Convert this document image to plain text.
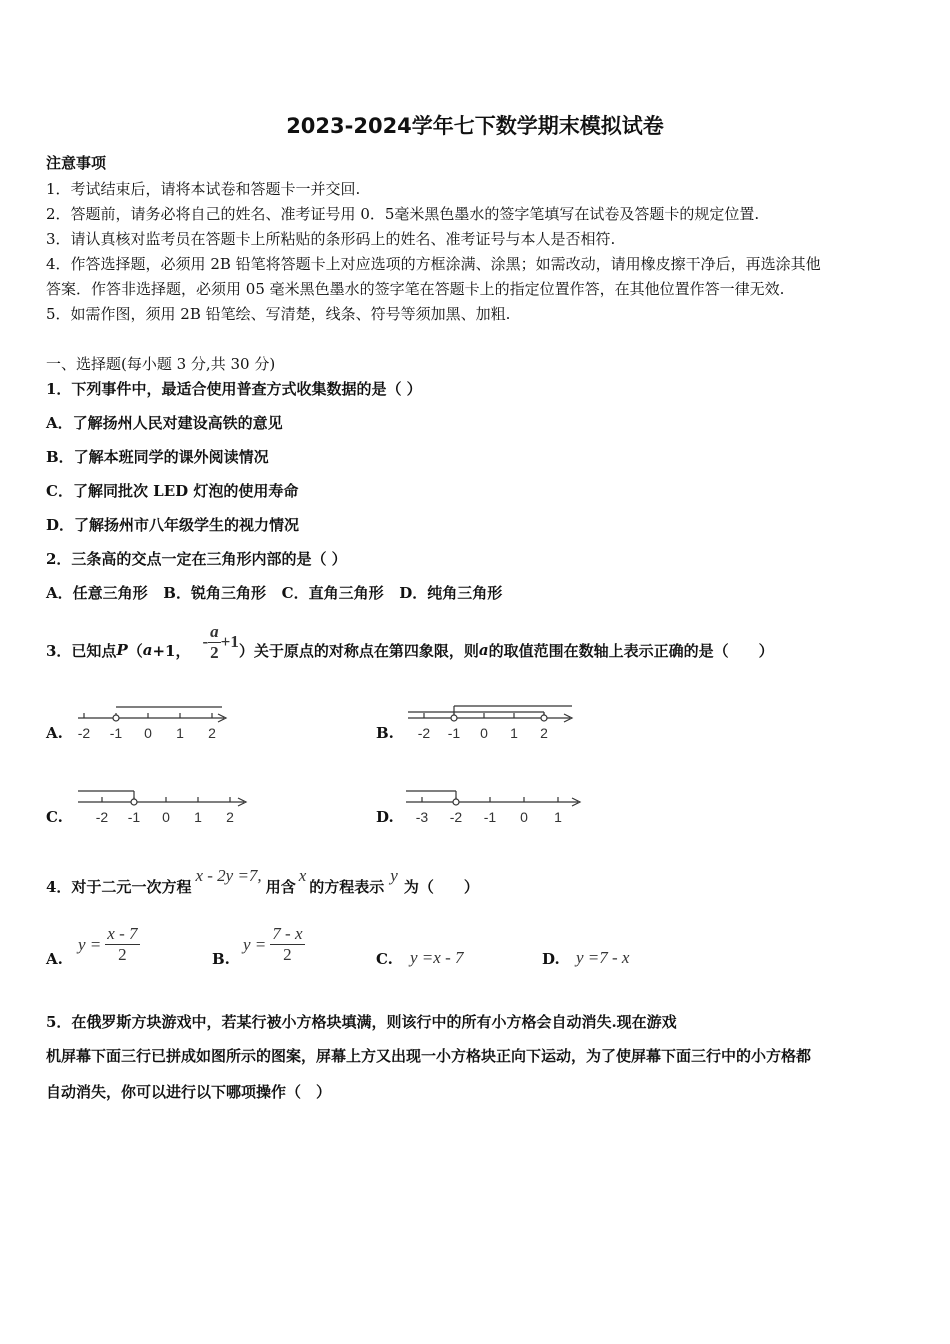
2023-2024学年七下数学期末模拟试卷
注意事项
1．考试结束后，请将本试卷和答题卡一并交回.
2．答题前，请务必将自己的姓名、准考证号用 0．5毫米黑色墨水的签字笔填写在试卷及答题卡的规定位置.
3．请认真核对监考员在答题卡上所粘贴的条形码上的姓名、准考证号与本人是否相符.
4．作答选择题，必须用 2B 铅笔将答题卡上对应选项的方框涂满、涂黑；如需改动，请用橡皮擦干净后，再选涂其他
答案．作答非选择题，必须用 05 毫米黑色墨水的签字笔在答题卡上的指定位置作答，在其他位置作答一律无效.
5．如需作图，须用 2B 铅笔绘、写清楚，线条、符号等须加黑、加粗.
一、选择题(每小题 3 分,共 30 分)
1．下列事件中，最适合使用普查方式收集数据的是（ ）
A．了解扬州人民对建设高铁的意见
B．了解本班同学的课外阅读情况
C．了解同批次 LED 灯泡的使用寿命
D．了解扬州市八年级学生的视力情况
2．三条高的交点一定在三角形内部的是（ ）
A．任意三角形   B．锐角三角形   C．直角三角形   D．纯角三角形
3．已知点 P （ a +1， - $\frac{a}{2} +1$ ） 关于原点的对称点在第四象限，则 a 的取值范围在数轴上表示正确的是（　　）
A. -2 -1 0 1 2	B. -2 -1 0 1 2
C. -2 -1 0 1 2	D. -3 -2 -1 0 1
4．对于二元一次方程
x - 2y =7,
用含
x
的方程表示
y
为（　　）
A.
$y = \frac{x - 7}{2}$	B.
$y = \frac{7 - x}{2}$	C. y =x - 7	D. y =7 - x
5．在俄罗斯方块游戏中，若某行被小方格块填满，则该行中的所有小方格会自动消失.现在游戏
机屏幕下面三行已拼成如图所示的图案，屏幕上方又出现一小方格块正向下运动，为了使屏幕下面三行中的小方格都
自动消失，你可以进行以下哪项操作（　）
